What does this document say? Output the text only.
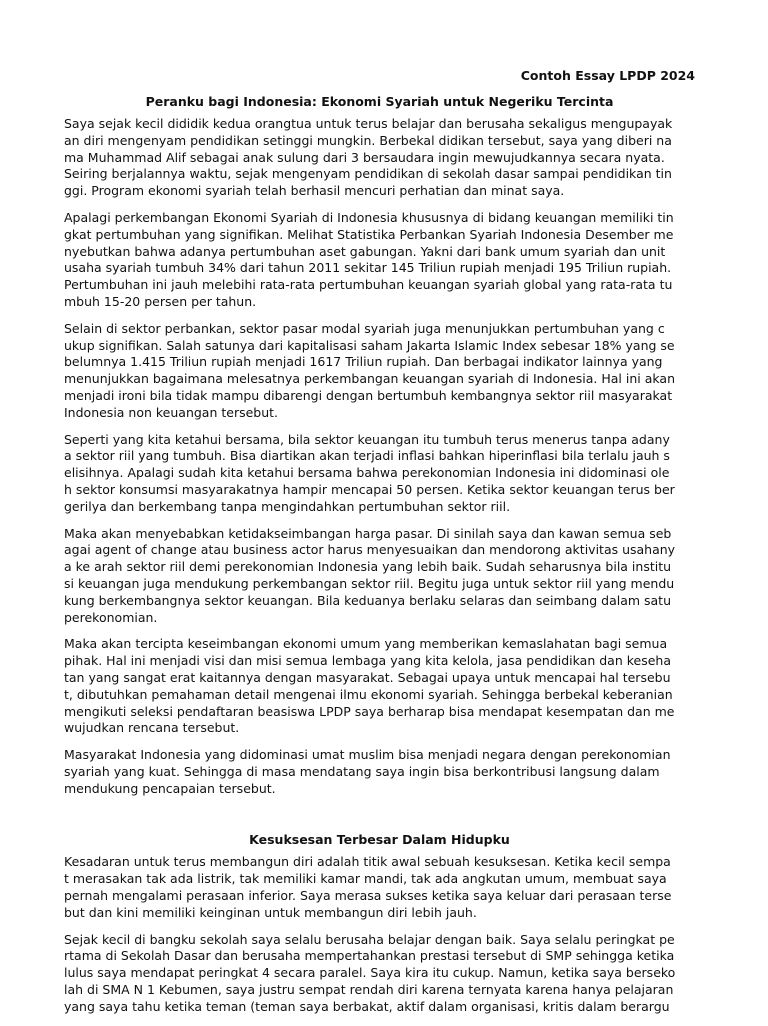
Contoh Essay LPDP 2024
Peranku bagi Indonesia: Ekonomi Syariah untuk Negeriku Tercinta

Saya sejak kecil dididik kedua orangtua untuk terus belajar dan berusaha sekaligus mengupayak
an diri mengenyam pendidikan setinggi mungkin. Berbekal didikan tersebut, saya yang diberi na
ma Muhammad Alif sebagai anak sulung dari 3 bersaudara ingin mewujudkannya secara nyata.
Seiring berjalannya waktu, sejak mengenyam pendidikan di sekolah dasar sampai pendidikan tin
ggi. Program ekonomi syariah telah berhasil mencuri perhatian dan minat saya.

Apalagi perkembangan Ekonomi Syariah di Indonesia khususnya di bidang keuangan memiliki tin
gkat pertumbuhan yang signifikan. Melihat Statistika Perbankan Syariah Indonesia Desember me
nyebutkan bahwa adanya pertumbuhan aset gabungan. Yakni dari bank umum syariah dan unit
usaha syariah tumbuh 34% dari tahun 2011 sekitar 145 Triliun rupiah menjadi 195 Triliun rupiah.
Pertumbuhan ini jauh melebihi rata-rata pertumbuhan keuangan syariah global yang rata-rata tu
mbuh 15-20 persen per tahun.

Selain di sektor perbankan, sektor pasar modal syariah juga menunjukkan pertumbuhan yang c
ukup signifikan. Salah satunya dari kapitalisasi saham Jakarta Islamic Index sebesar 18% yang se
belumnya 1.415 Triliun rupiah menjadi 1617 Triliun rupiah. Dan berbagai indikator lainnya yang
menunjukkan bagaimana melesatnya perkembangan keuangan syariah di Indonesia. Hal ini akan
menjadi ironi bila tidak mampu dibarengi dengan bertumbuh kembangnya sektor riil masyarakat
Indonesia non keuangan tersebut.

Seperti yang kita ketahui bersama, bila sektor keuangan itu tumbuh terus menerus tanpa adany
a sektor riil yang tumbuh. Bisa diartikan akan terjadi inflasi bahkan hiperinflasi bila terlalu jauh s
elisihnya. Apalagi sudah kita ketahui bersama bahwa perekonomian Indonesia ini didominasi ole
h sektor konsumsi masyarakatnya hampir mencapai 50 persen. Ketika sektor keuangan terus ber
gerilya dan berkembang tanpa mengindahkan pertumbuhan sektor riil.

Maka akan menyebabkan ketidakseimbangan harga pasar. Di sinilah saya dan kawan semua seb
agai agent of change atau business actor harus menyesuaikan dan mendorong aktivitas usahany
a ke arah sektor riil demi perekonomian Indonesia yang lebih baik. Sudah seharusnya bila institu
si keuangan juga mendukung perkembangan sektor riil. Begitu juga untuk sektor riil yang mendu
kung berkembangnya sektor keuangan. Bila keduanya berlaku selaras dan seimbang dalam satu
perekonomian.

Maka akan tercipta keseimbangan ekonomi umum yang memberikan kemaslahatan bagi semua
pihak. Hal ini menjadi visi dan misi semua lembaga yang kita kelola, jasa pendidikan dan keseha
tan yang sangat erat kaitannya dengan masyarakat. Sebagai upaya untuk mencapai hal tersebu
t, dibutuhkan pemahaman detail mengenai ilmu ekonomi syariah. Sehingga berbekal keberanian
mengikuti seleksi pendaftaran beasiswa LPDP saya berharap bisa mendapat kesempatan dan me
wujudkan rencana tersebut.

Masyarakat Indonesia yang didominasi umat muslim bisa menjadi negara dengan perekonomian
syariah yang kuat. Sehingga di masa mendatang saya ingin bisa berkontribusi langsung dalam
mendukung pencapaian tersebut.

Kesuksesan Terbesar Dalam Hidupku

Kesadaran untuk terus membangun diri adalah titik awal sebuah kesuksesan. Ketika kecil sempa
t merasakan tak ada listrik, tak memiliki kamar mandi, tak ada angkutan umum, membuat saya
pernah mengalami perasaan inferior. Saya merasa sukses ketika saya keluar dari perasaan terse
but dan kini memiliki keinginan untuk membangun diri lebih jauh.

Sejak kecil di bangku sekolah saya selalu berusaha belajar dengan baik. Saya selalu peringkat pe
rtama di Sekolah Dasar dan berusaha mempertahankan prestasi tersebut di SMP sehingga ketika
lulus saya mendapat peringkat 4 secara paralel. Saya kira itu cukup. Namun, ketika saya berseko
lah di SMA N 1 Kebumen, saya justru sempat rendah diri karena ternyata karena hanya pelajaran
yang saya tahu ketika teman (teman saya berbakat, aktif dalam organisasi, kritis dalam berargu
